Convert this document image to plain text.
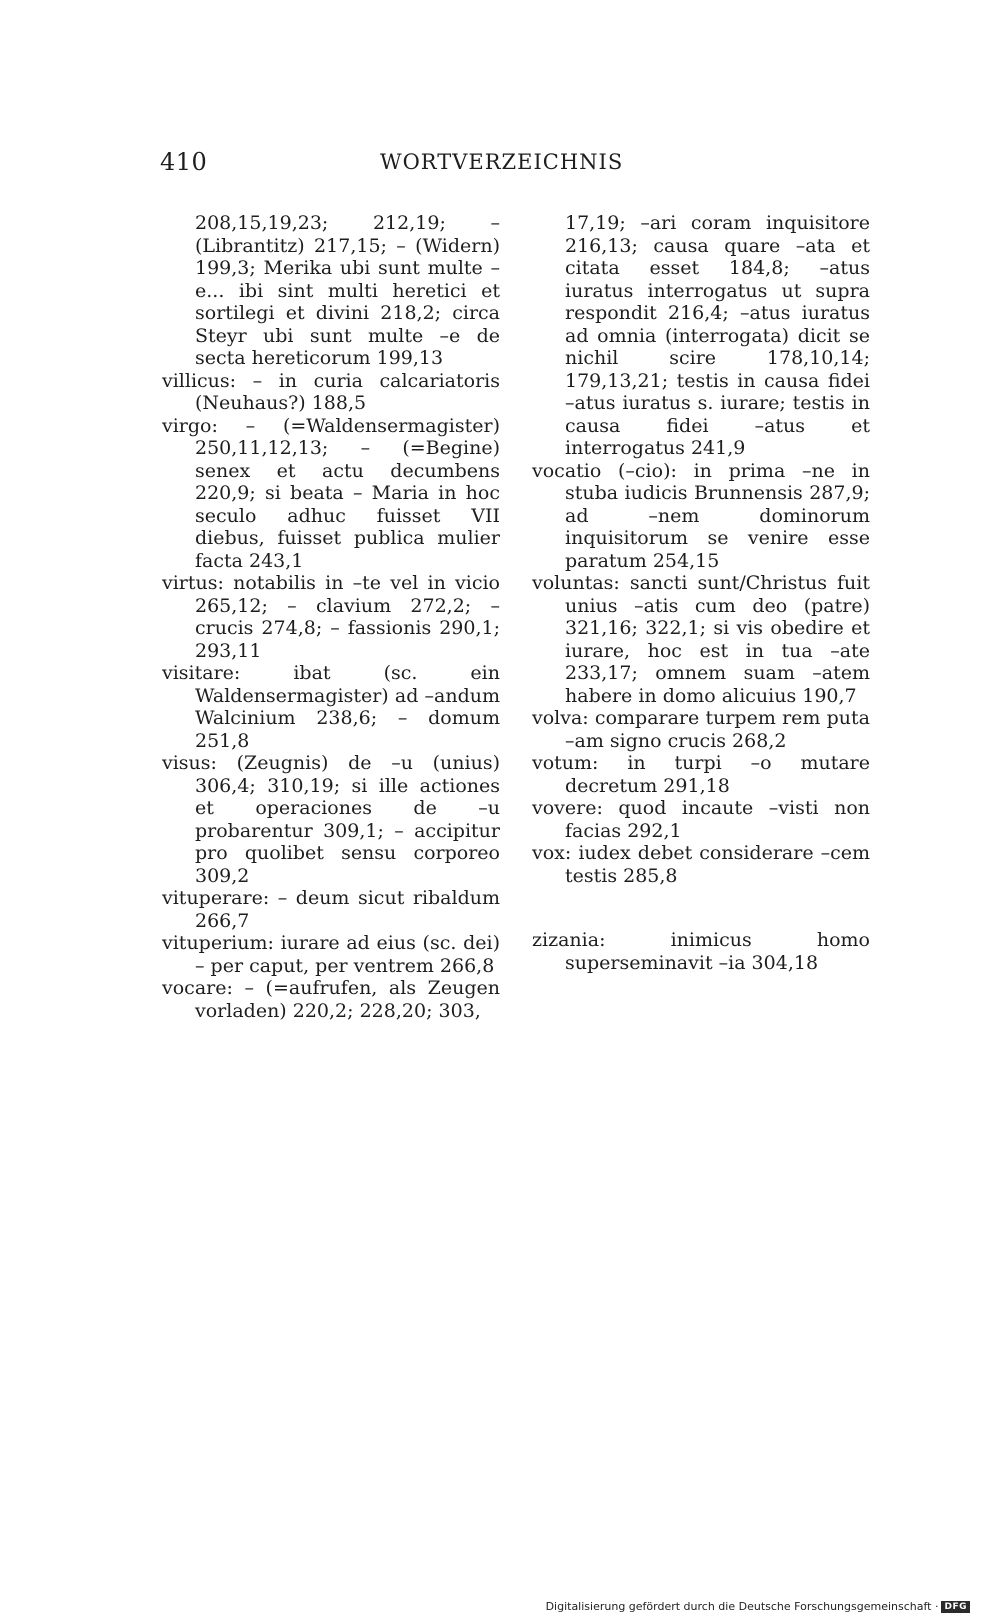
410	WORTVERZEICHNIS

208,15,19,23; 212,19; – (Librantitz) 217,15; – (Widern) 199,3; Merika ubi sunt multe –e... ibi sint multi heretici et sortilegi et divini 218,2; circa Steyr ubi sunt multe –e de secta hereticorum 199,13

villicus: – in curia calcariatoris (Neuhaus?) 188,5

virgo: – (=Waldensermagister) 250,11,12,13; – (=Begine) senex et actu decumbens 220,9; si beata – Maria in hoc seculo adhuc fuisset VII diebus, fuisset publica mulier facta 243,1

virtus: notabilis in –te vel in vicio 265,12; – clavium 272,2; – crucis 274,8; – fassionis 290,1; 293,11

visitare: ibat (sc. ein Waldensermagister) ad –andum Walcinium 238,6; – domum 251,8

visus: (Zeugnis) de –u (unius) 306,4; 310,19; si ille actiones et operaciones de –u probarentur 309,1; – accipitur pro quolibet sensu corporeo 309,2

vituperare: – deum sicut ribaldum 266,7

vituperium: iurare ad eius (sc. dei) – per caput, per ventrem 266,8

vocare: – (=aufrufen, als Zeugen vorladen) 220,2; 228,20; 303,

17,19; –ari coram inquisitore 216,13; causa quare –ata et citata esset 184,8; –atus iuratus interrogatus ut supra respondit 216,4; –atus iuratus ad omnia (interrogata) dicit se nichil scire 178,10,14; 179,13,21; testis in causa fidei –atus iuratus s. iurare; testis in causa fidei –atus et interrogatus 241,9

vocatio (–cio): in prima –ne in stuba iudicis Brunnensis 287,9; ad –nem dominorum inquisitorum se venire esse paratum 254,15

voluntas: sancti sunt/Christus fuit unius –atis cum deo (patre) 321,16; 322,1; si vis obedire et iurare, hoc est in tua –ate 233,17; omnem suam –atem habere in domo alicuius 190,7

volva: comparare turpem rem puta –am signo crucis 268,2

votum: in turpi –o mutare decretum 291,18

vovere: quod incaute –visti non facias 292,1

vox: iudex debet considerare –cem testis 285,8

zizania: inimicus homo superseminavit –ia 304,18

Digitalisierung gefördert durch die Deutsche Forschungsgemeinschaft · DFG
